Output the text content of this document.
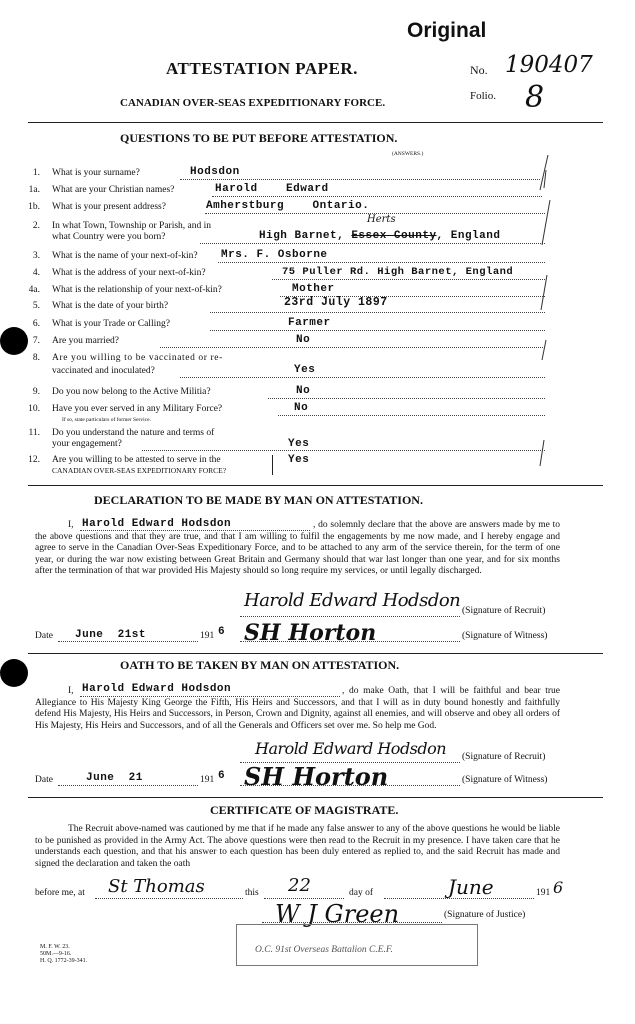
Original
ATTESTATION PAPER.	No. 190407
CANADIAN OVER-SEAS EXPEDITIONARY FORCE.
Folio. 8
QUESTIONS TO BE PUT BEFORE ATTESTATION.
(ANSWERS.)
1. What is your surname?	Hodsdon
1a. What are your Christian names?	Harold    Edward
1b. What is your present address?	Amherstburg    Ontario.
2. In what Town, Township or Parish, and in
what Country were you born?
Herts
High Barnet, Essex County, England
3. What is the name of your next-of-kin? Mrs. F. Osborne
4. What is the address of your next-of-kin?	75 Puller Rd. High Barnet, England
4a. What is the relationship of your next-of-kin?	Mother
5. What is the date of your birth?	23rd July 1897
6. What is your Trade or Calling?	Farmer
7. Are you married?	No
8. Are you willing to be vaccinated or re-
vaccinated and inoculated?	Yes
9. Do you now belong to the Active Militia?	No
10. Have you ever served in any Military Force?
If so, state particulars of former Service.
No
11. Do you understand the nature and terms of
your engagement?	Yes
12. Are you willing to be attested to serve in the
CANADIAN OVER-SEAS EXPEDITIONARY FORCE?
Yes
DECLARATION TO BE MADE BY MAN ON ATTESTATION.
I, Harold Edward Hodsdon	, do solemnly declare that the above are answers made by me to the above questions and that they are true, and that I am willing to fulfil the engagements by me now made, and I hereby engage and agree to serve in the Canadian Over-Seas Expeditionary Force, and to be attached to any arm of the service therein, for the term of one year, or during the war now existing between Great Britain and Germany should that war last longer than one year, and for six months after the termination of that war provided His Majesty should so long require my services, or until legally discharged.
Harold Edward Hodsdon (Signature of Recruit)
Date June  21st	191 6 SH Horton	(Signature of Witness)
OATH TO BE TAKEN BY MAN ON ATTESTATION.
I, Harold Edward Hodsdon	, do make Oath, that I will be faithful and bear true Allegiance to His Majesty King George the Fifth, His Heirs and Successors, and that I will as in duty bound honestly and faithfully defend His Majesty, His Heirs and Successors, in Person, Crown and Dignity, against all enemies, and will observe and obey all orders of His Majesty, His Heirs and Successors, and of all the Generals and Officers set over me. So help me God.
Harold Edward Hodsdon (Signature of Recruit)
Date	June  21	191 6 SH Horton	(Signature of Witness)
CERTIFICATE OF MAGISTRATE.
The Recruit above-named was cautioned by me that if he made any false answer to any of the above questions he would be liable to be punished as provided in the Army Act. The above questions were then read to the Recruit in my presence. I have taken care that he understands each question, and that his answer to each question has been duly entered as replied to, and the said Recruit has made and signed the declaration and taken the oath
before me, at St Thomas	this 22	day of	June	191 6
W J Green	(Signature of Justice)
O.C. 91st Overseas Battalion C.E.F.
M. F. W. 23.
50M.—9-16.
H. Q. 1772-39-341.
